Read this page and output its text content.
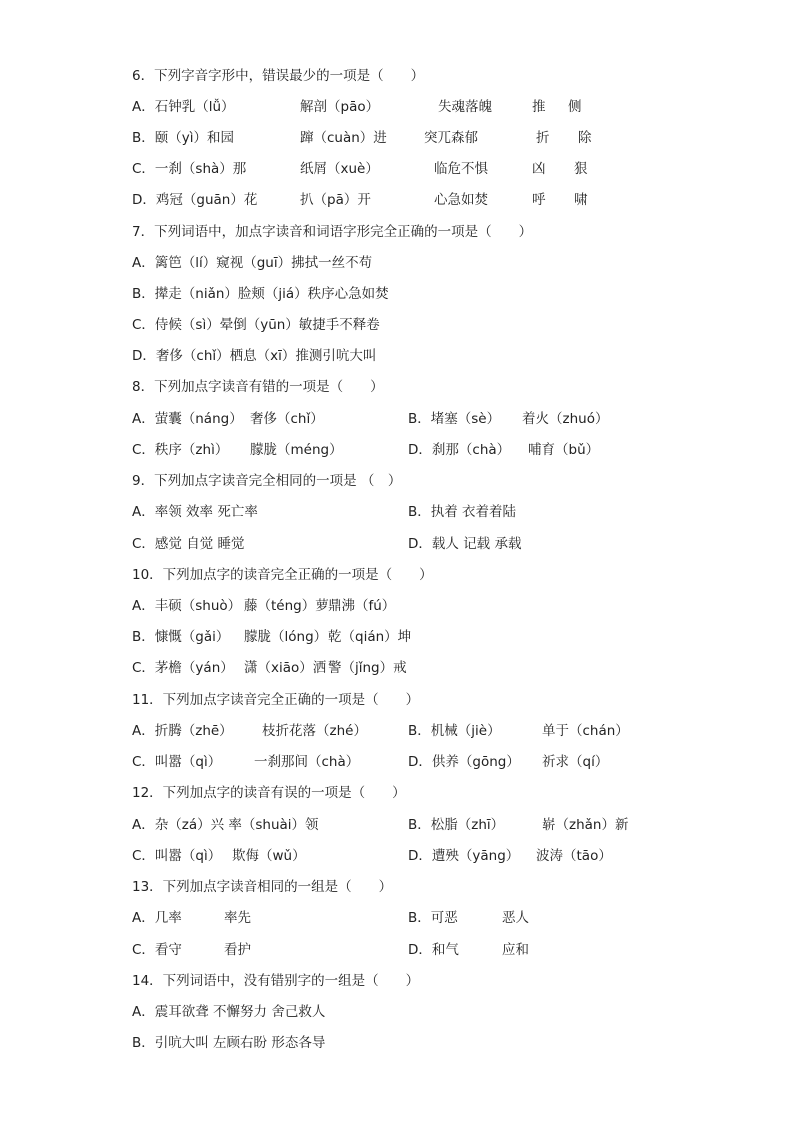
6．下列字音字形中，错误最少的一项是（　　）
A．石钟乳（lǚ）	解剖（pāo）	失魂落魄	推 侧
B．颐（yì）和园	蹿（cuàn）进	突兀森郁	折 除
C．一刹（shà）那	纸屑（xuè）	临危不惧	凶 狠
D．鸡冠（guān）花	扒（pā）开	心急如焚	呼 啸
7．下列词语中，加点字读音和词语字形完全正确的一项是（　　）
A．篱笆（lí）窥视（guī）拂拭一丝不苟
B．撵走（niǎn）脸颊（jiá）秩序心急如焚
C．侍候（sì）晕倒（yūn）敏捷手不释卷
D．奢侈（chǐ）栖息（xī）推测引吭大叫
8．下列加点字读音有错的一项是（　　）
A．萤囊（náng） 奢侈（chǐ）	B．堵塞（sè） 着火（zhuó）
C．秩序（zhì） 朦胧（méng）	D．刹那（chà） 哺育（bǔ）
9．下列加点字读音完全相同的一项是 （　）
A．率领 效率 死亡率	B．执着 衣着着陆
C．感觉 自觉 睡觉	D．载人 记载 承载
10．下列加点字的读音完全正确的一项是（　　）
A．丰硕（shuò） 藤（téng）萝 鼎沸（fú）
B．慷慨（gǎi） 朦胧（lóng） 乾（qián）坤
C．茅檐（yán） 潇（xiāo）洒 警（jǐng）戒
11．下列加点字读音完全正确的一项是（　　）
A．折腾（zhē） 枝折花落（zhé）	B．机械（jiè）	单于（chán）
C．叫嚣（qì） 一刹那间（chà）	D．供养（gōng） 祈求（qí）
12．下列加点字的读音有误的一项是（　　）
A．杂（zá）兴 率（shuài）领	B．松脂（zhī）	崭（zhǎn）新
C．叫嚣（qì） 欺侮（wǔ）	D．遭殃（yāng） 波涛（tāo）
13．下列加点字读音相同的一组是（　　）
A．几率	率先	B．可恶	恶人
C．看守	看护	D．和气	应和
14．下列词语中，没有错别字的一组是（　　）
A．震耳欲聋 不懈努力 舍己救人
B．引吭大叫 左顾右盼 形态各导
